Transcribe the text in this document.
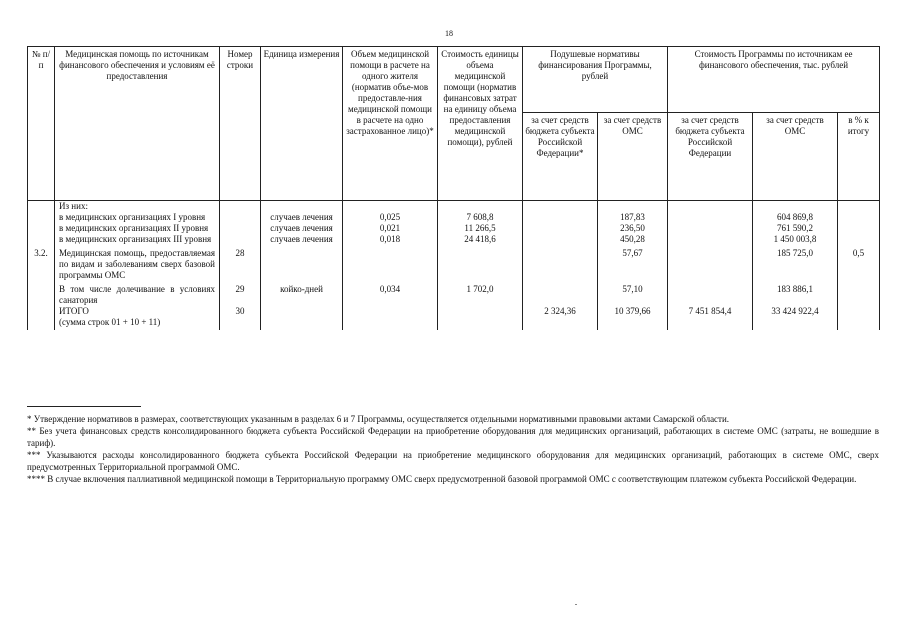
18
№ п/п	Медицинская помощь по источникам финансового обеспечения и условиям её предоставления	Номер строки	Единица измерения	Объем медицинской помощи в расчете на одного жителя (норматив объе-мов предоставле-ния медицинской помощи в расчете на одно застрахованное лицо)*	Стоимость единицы объема медицинской помощи (норматив финансовых затрат на единицу объема предоставления медицинской помощи), рублей	Подушевые нормативы финансирования Программы, рублей		Стоимость Программы по источникам ее финансового обеспечения, тыс. рублей		
						за счет средств бюджета субъекта Российской Федерации*	за счет средств ОМС	за счет средств бюджета субъекта Российской Федерации	за счет средств ОМС	в % к итогу
	Из них:									
	в медицинских организациях I уровня		случаев лечения	0,025	7 608,8		187,83		604 869,8	
	в медицинских организациях II уровня		случаев лечения	0,021	11 266,5		236,50		761 590,2	
	в медицинских организациях III уровня		случаев лечения	0,018	24 418,6		450,28		1 450 003,8	
3.2.	Медицинская помощь, предоставляемая по видам и заболеваниям сверх базовой программы ОМС	28					57,67		185 725,0	0,5
	В том числе долечивание в условиях санатория	29	койко-дней	0,034	1 702,0		57,10		183 886,1	
	ИТОГО
(сумма строк 01 + 10 + 11)	30				2 324,36	10 379,66	7 451 854,4	33 424 922,4	

* Утверждение нормативов в размерах, соответствующих указанным в разделах 6 и 7 Программы, осуществляется отдельными нормативными правовыми актами Самарской области.

** Без учета финансовых средств консолидированного бюджета субъекта Российской Федерации на приобретение оборудования для медицинских организаций, работающих в системе ОМС (затраты, не вошедшие в тариф).

*** Указываются расходы консолидированного бюджета субъекта Российской Федерации на приобретение медицинского оборудования для медицинских организаций, работающих в системе ОМС, сверх предусмотренных Территориальной программой ОМС.

**** В случае включения паллиативной медицинской помощи в Территориальную программу ОМС сверх предусмотренной базовой программой ОМС с соответствующим платежом субъекта Российской Федерации.
